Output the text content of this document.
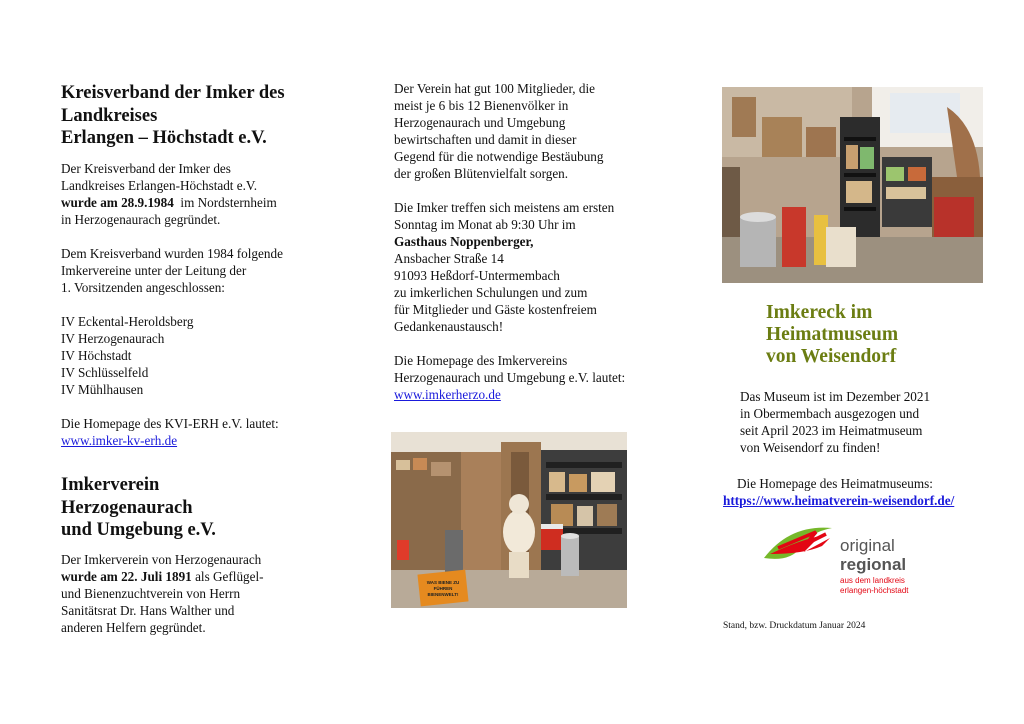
Kreisverband der Imker des
Landkreises
Erlangen – Höchstadt e.V.

Der Kreisverband der Imker des

Landkreises Erlangen-Höchstadt e.V.

wurde am 28.9.1984  im Nordsternheim

in Herzogenaurach gegründet.

Dem Kreisverband wurden 1984 folgende

Imkervereine unter der Leitung der

1. Vorsitzenden angeschlossen:

IV Eckental-Heroldsberg

IV Herzogenaurach

IV Höchstadt

IV Schlüsselfeld

IV Mühlhausen

Die Homepage des KVI-ERH e.V. lautet:

www.imker-kv-erh.de

Imkerverein
Herzogenaurach
und Umgebung e.V.

Der Imkerverein von Herzogenaurach

wurde am 22. Juli 1891 als Geflügel-

und Bienenzuchtverein von Herrn

Sanitätsrat Dr. Hans Walther und

anderen Helfern gegründet.

Der Verein hat gut 100 Mitglieder, die

meist je 6 bis 12 Bienenvölker in

Herzogenaurach und Umgebung

bewirtschaften und damit in dieser

Gegend für die notwendige Bestäubung

der großen Blütenvielfalt sorgen.

Die Imker treffen sich meistens am ersten

Sonntag im Monat ab 9:30 Uhr im

Gasthaus Noppenberger,

Ansbacher Straße 14

91093 Heßdorf-Untermembach

zu imkerlichen Schulungen und zum

für Mitglieder und Gäste kostenfreiem

Gedankenaustausch!

Die Homepage des Imkervereins

Herzogenaurach und Umgebung e.V. lautet:

www.imkerherzo.de

WAS BIENE ZU
FÜHREN
BIENENWELT!
Imkereck im
Heimatmuseum
von Weisendorf

Das Museum ist im Dezember 2021

in Obermembach ausgezogen und

seit April 2023 im Heimatmuseum

von Weisendorf zu finden!

Die Homepage des Heimatmuseums:

https://www.heimatverein-weisendorf.de/

original
regional
aus dem landkreis
erlangen-höchstadt
Stand, bzw. Druckdatum Januar 2024
